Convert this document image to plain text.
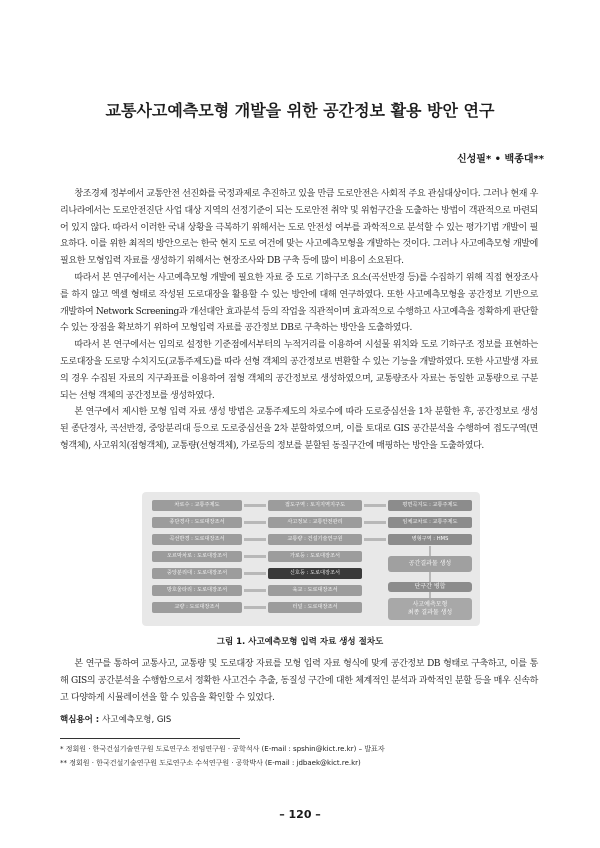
교통사고예측모형 개발을 위한 공간정보 활용 방안 연구
신성필* • 백종대**

창조경제 정부에서 교통안전 선진화를 국정과제로 추진하고 있을 만큼 도로안전은 사회적 주요 관심대상이다. 그러나 현재 우리나라에서는 도로안전진단 사업 대상 지역의 선정기준이 되는 도로안전 취약 및 위험구간을 도출하는 방법이 객관적으로 마련되어 있지 않다. 따라서 이러한 국내 상황을 극복하기 위해서는 도로 안전성 여부를 과학적으로 분석할 수 있는 평가기법 개발이 필요하다. 이를 위한 최적의 방안으로는 한국 현지 도로 여건에 맞는 사고예측모형을 개발하는 것이다. 그러나 사고예측모형 개발에 필요한 모형입력 자료를 생성하기 위해서는 현장조사와 DB 구축 등에 많이 비용이 소요된다.

따라서 본 연구에서는 사고예측모형 개발에 필요한 자료 중 도로 기하구조 요소(곡선반경 등)를 수집하기 위해 직접 현장조사를 하지 않고 엑셀 형태로 작성된 도로대장을 활용할 수 있는 방안에 대해 연구하였다. 또한 사고예측모형을 공간정보 기반으로 개발하여 Network Screening과 개선대안 효과분석 등의 작업을 직관적이며 효과적으로 수행하고 사고예측을 정확하게 판단할 수 있는 장점을 확보하기 위하여 모형입력 자료를 공간정보 DB로 구축하는 방안을 도출하였다.

따라서 본 연구에서는 임의로 설정한 기준점에서부터의 누적거리를 이용하여 시설물 위치와 도로 기하구조 정보를 표현하는 도로대장을 도로망 수치지도(교통주제도)를 따라 선형 객체의 공간정보로 변환할 수 있는 기능을 개발하였다. 또한 사고발생 자료의 경우 수집된 자료의 지구좌표를 이용하여 점형 객체의 공간정보로 생성하였으며, 교통량조사 자료는 동일한 교통량으로 구분되는 선형 객체의 공간정보를 생성하였다.

본 연구에서 제시한 모형 입력 자료 생성 방법은 교통주제도의 차로수에 따라 도로중심선을 1차 분할한 후, 공간정보로 생성된 종단경사, 곡선반경, 중앙분리대 등으로 도로중심선을 2차 분할하였으며, 이를 토대로 GIS 공간분석을 수행하여 접도구역(면형객체), 사고위치(점형객체), 교통량(선형객체), 가로등의 정보를 분할된 동질구간에 매핑하는 방안을 도출하였다.

차로수 : 교통주제도
종단경사 : 도로대장조서
곡선반경 : 도로대장조서
오르막차로 : 도로대장조서
중앙분리대 : 도로대장조서
방호울타리 : 도로대장조서
교량 : 도로대장조서
접도구역 : 토지지역지구도
사고정보 : 교통안전관리
교통량 : 건설기술연구원
가로등 : 도로대장조서
신호등 : 도로대장조서
육교 : 도로대장조서
터널 : 도로대장조서
평면곡지도 : 교통주제도
임체교차로 : 교통주제도
병형구역 : HMS
공간결과물 생성
단구간 병합
사고예측모형
최종 결과물 생성
그림 1. 사고예측모형 입력 자료 생성 절차도

본 연구를 통하여 교통사고, 교통량 및 도로대장 자료를 모형 입력 자료 형식에 맞게 공간정보 DB 형태로 구축하고, 이를 통해 GIS의 공간분석을 수행함으로서 정확한 사고건수 추출, 동질성 구간에 대한 체계적인 분석과 과학적인 분할 등을 매우 신속하고 다양하게 시뮬레이션을 할 수 있음을 확인할 수 있었다.

핵심용어 : 사고예측모형, GIS
* 정회원 · 한국건설기술연구원 도로연구소 전임연구원 · 공학석사 (E-mail : spshin@kict.re.kr) – 발표자
** 정회원 · 한국건설기술연구원 도로연구소 수석연구원 · 공학박사 (E-mail : jdbaek@kict.re.kr)
– 120 –
